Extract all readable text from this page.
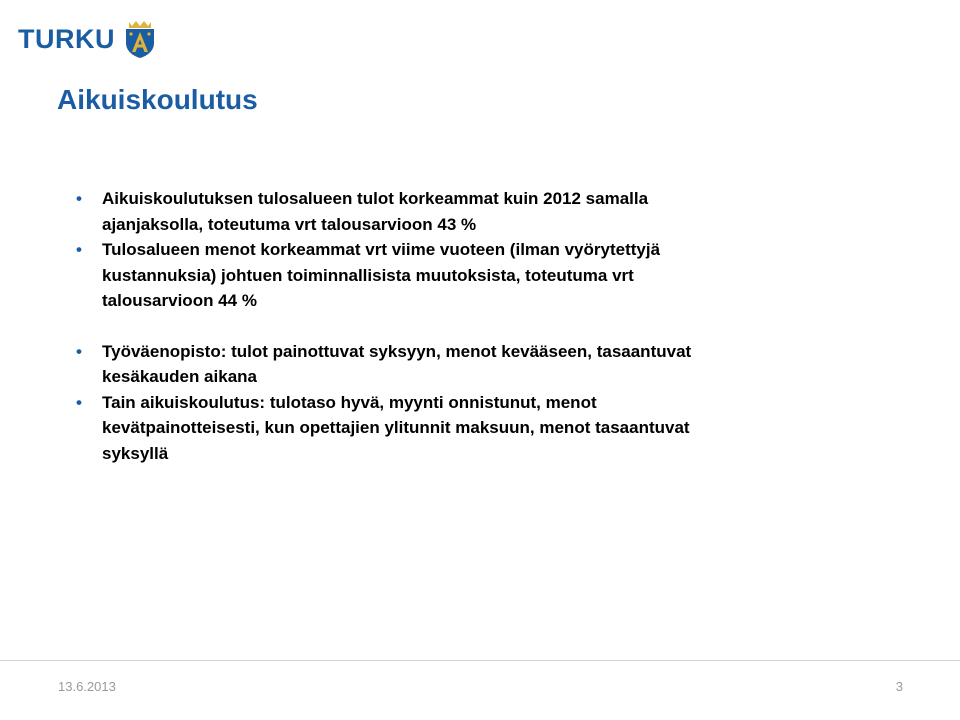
TURKU
Aikuiskoulutus
• Aikuiskoulutuksen tulosalueen tulot korkeammat kuin 2012 samalla
ajanjaksolla, toteutuma vrt talousarvioon 43 %
• Tulosalueen menot korkeammat vrt viime vuoteen (ilman vyörytettyjä
kustannuksia) johtuen toiminnallisista muutoksista, toteutuma vrt
talousarvioon 44 %
• Työväenopisto: tulot painottuvat syksyyn, menot kevääseen, tasaantuvat
kesäkauden aikana
• Tain aikuiskoulutus: tulotaso hyvä, myynti onnistunut, menot
kevätpainotteisesti, kun opettajien ylitunnit maksuun, menot tasaantuvat
syksyllä
13.6.2013	3
